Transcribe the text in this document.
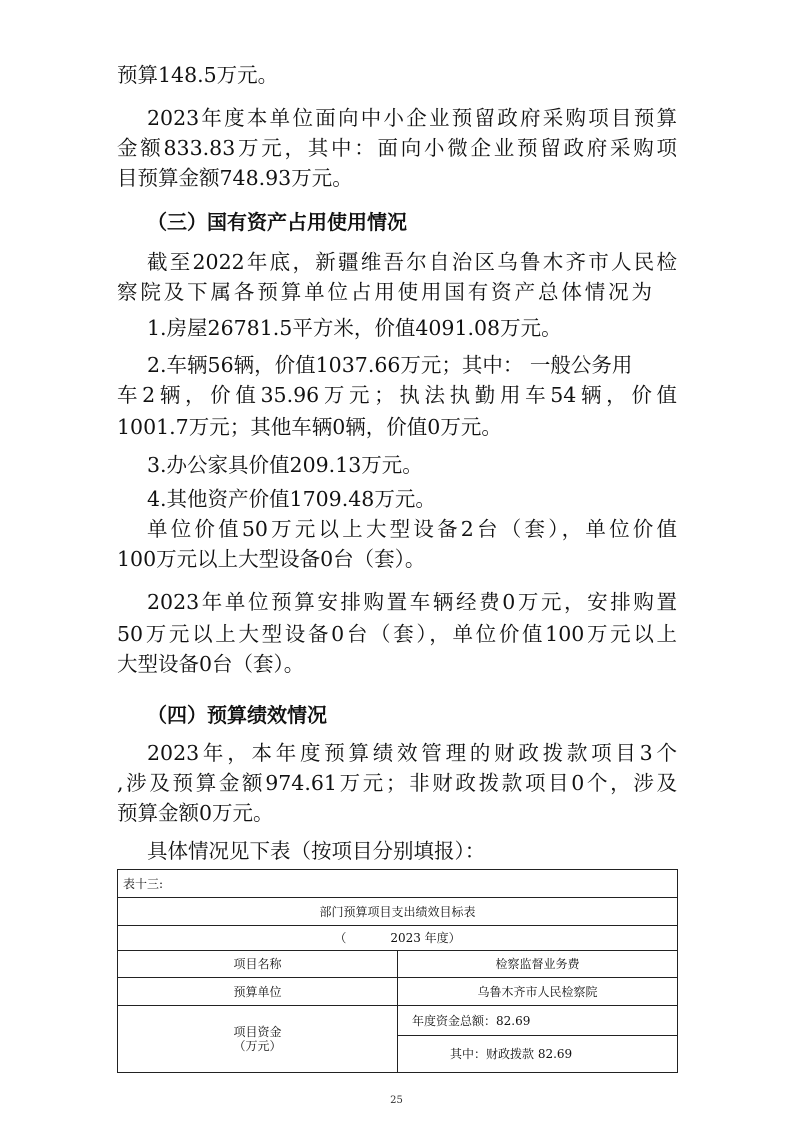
预算148.5万元。
2023年度本单位面向中小企业预留政府采购项目预算
金额833.83万元，其中：面向小微企业预留政府采购项
目预算金额748.93万元。
（三）国有资产占用使用情况
截至2022年底，新疆维吾尔自治区乌鲁木齐市人民检
察院及下属各预算单位占用使用国有资产总体情况为
1.房屋26781.5平方米，价值4091.08万元。
2.车辆56辆，价值1037.66万元；其中： 一般公务用
车2辆，价值35.96万元；执法执勤用车54辆，价值
1001.7万元；其他车辆0辆，价值0万元。
3.办公家具价值209.13万元。
4.其他资产价值1709.48万元。
单位价值50万元以上大型设备2台（套），单位价值
100万元以上大型设备0台（套）。
2023年单位预算安排购置车辆经费0万元，安排购置
50万元以上大型设备0台（套），单位价值100万元以上
大型设备0台（套）。
（四）预算绩效情况
2023年，本年度预算绩效管理的财政拨款项目3个
,涉及预算金额974.61万元；非财政拨款项目0个，涉及
预算金额0万元。
具体情况见下表（按项目分别填报）：
表十三:	
部门预算项目支出绩效目标表	
（ 2023 年度）	
项目名称	检察监督业务费
预算单位	乌鲁木齐市人民检察院

项目资金
（万元）	年度资金总额：82.69
	其中：财政拨款 82.69
25
